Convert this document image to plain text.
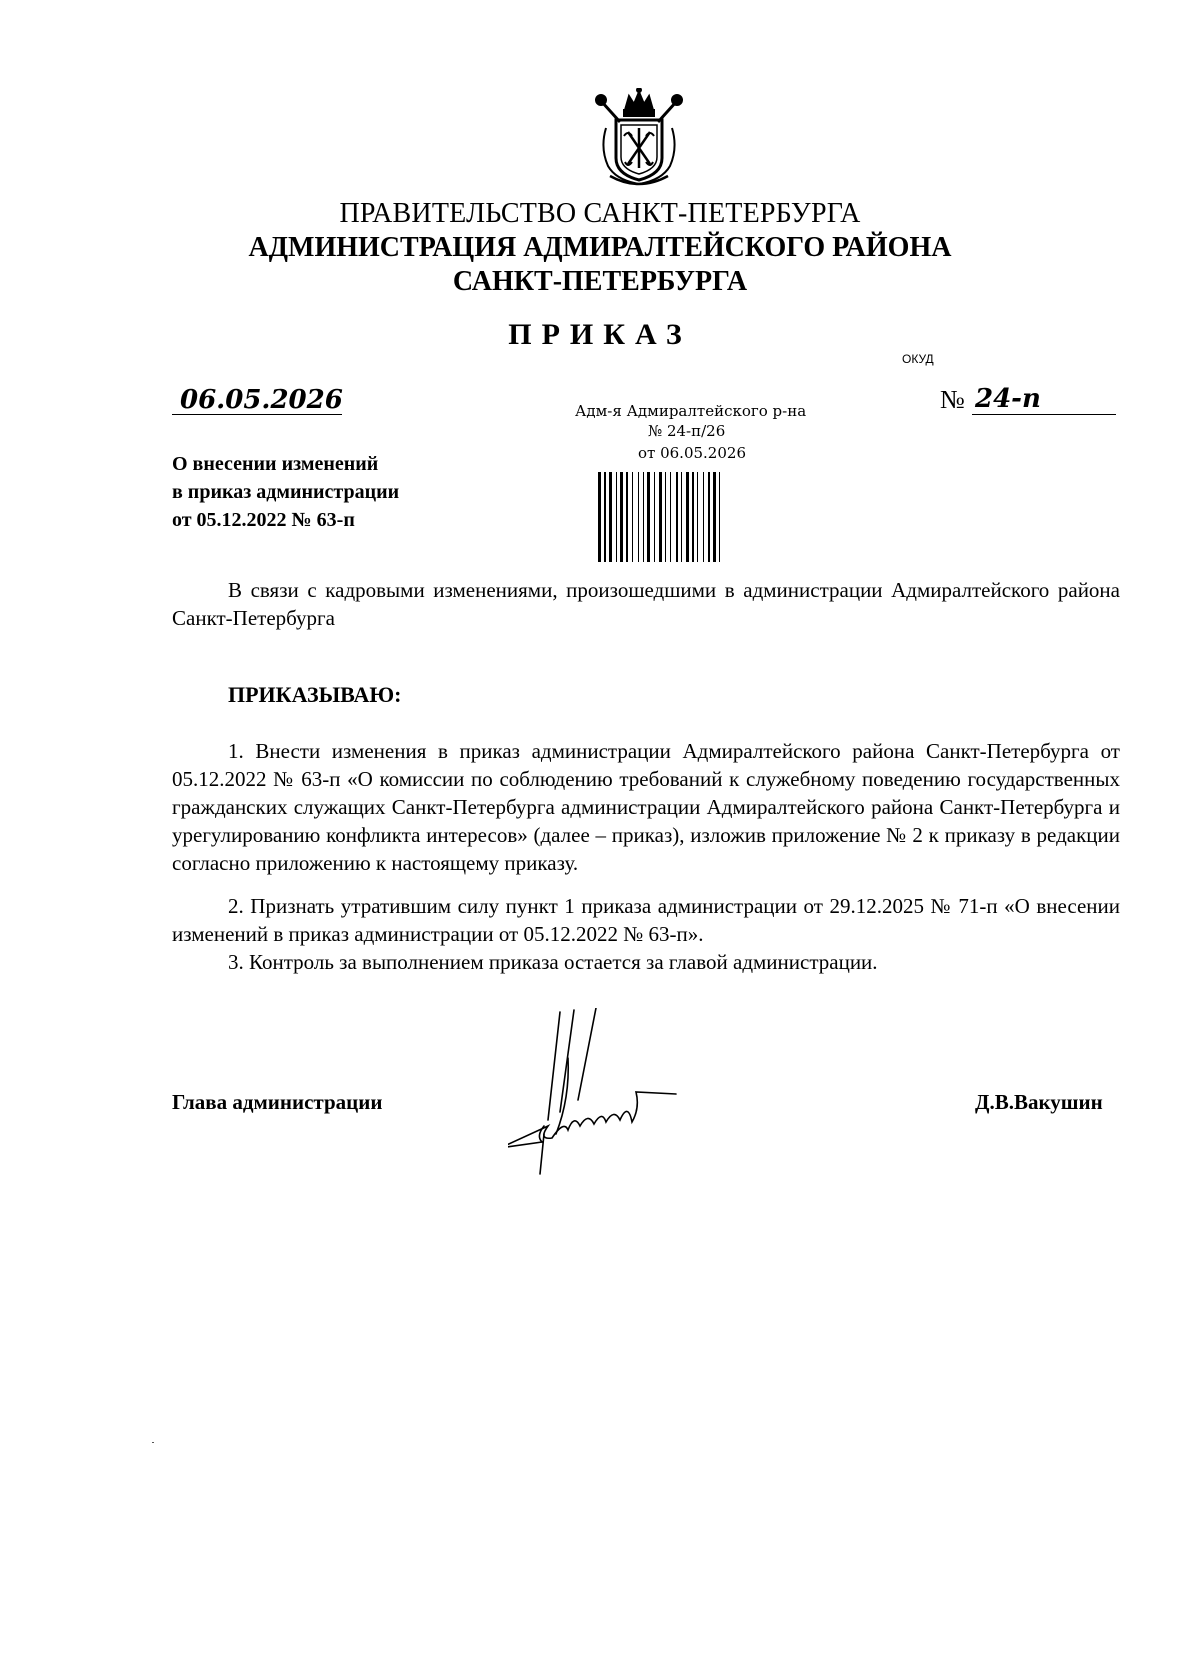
ПРАВИТЕЛЬСТВО САНКТ-ПЕТЕРБУРГА
АДМИНИСТРАЦИЯ АДМИРАЛТЕЙСКОГО РАЙОНА
САНКТ-ПЕТЕРБУРГА
ПРИКАЗ
ОКУД
06.05.2026	№ 24-п
Адм-я Адмиралтейского р-на
№ 24-п/26
от 06.05.2026
О внесении изменений
в приказ администрации
от 05.12.2022 № 63-п
В связи с кадровыми изменениями, произошедшими в администрации Адмиралтейского района Санкт-Петербурга
ПРИКАЗЫВАЮ:
1. Внести изменения в приказ администрации Адмиралтейского района Санкт-Петербурга от 05.12.2022 № 63-п «О комиссии по соблюдению требований к служебному поведению государственных гражданских служащих Санкт-Петербурга администрации Адмиралтейского района Санкт-Петербурга и урегулированию конфликта интересов» (далее – приказ), изложив приложение № 2 к приказу в редакции согласно приложению к настоящему приказу.
2. Признать утратившим силу пункт 1 приказа администрации от 29.12.2025 № 71-п «О внесении изменений в приказ администрации от 05.12.2022 № 63-п».
3. Контроль за выполнением приказа остается за главой администрации.
Глава администрации	Д.В.Вакушин
